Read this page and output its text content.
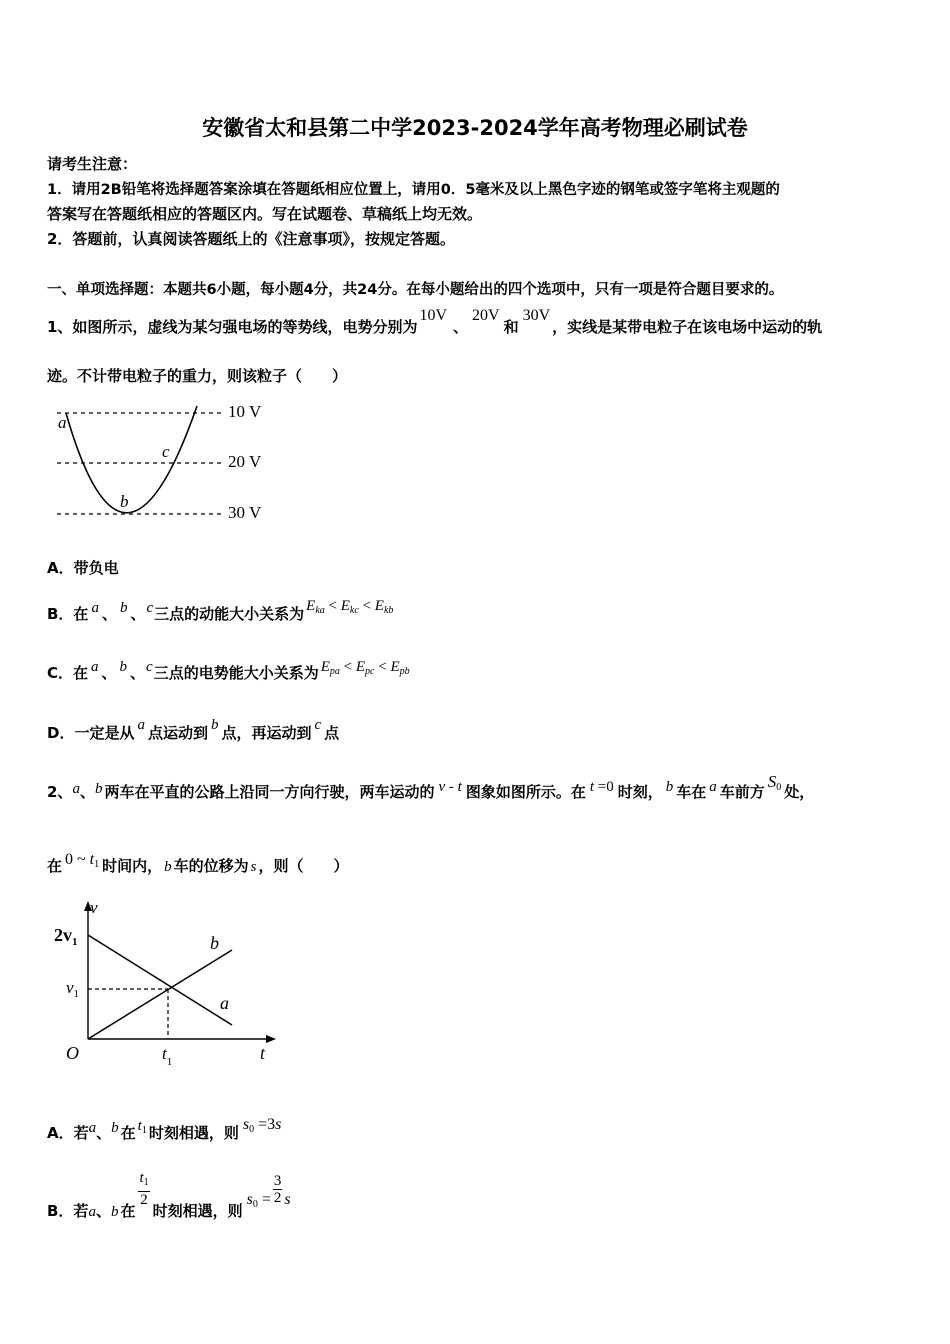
安徽省太和县第二中学2023-2024学年高考物理必刷试卷
请考生注意：
1．请用2B铅笔将选择题答案涂填在答题纸相应位置上，请用0．5毫米及以上黑色字迹的钢笔或签字笔将主观题的
答案写在答题纸相应的答题区内。写在试题卷、草稿纸上均无效。
2．答题前，认真阅读答题纸上的《注意事项》，按规定答题。
一、单项选择题：本题共6小题，每小题4分，共24分。在每小题给出的四个选项中，只有一项是符合题目要求的。
1、如图所示，虚线为某匀强电场的等势线，电势分别为10V、20V和30V，实线是某带电粒子在该电场中运动的轨
迹。不计带电粒子的重力，则该粒子（　　）
10 V
20 V
30 V
a
c
b
A．带负电
B．在 a 、 b 、c三点的动能大小关系为 $E_{ka} < E_{kc} < E_{kb}$
C．在 a 、 b 、c三点的电势能大小关系为 $E_{pa} < E_{pc} < E_{pb}$
D．一定是从 a 点运动到 b 点，再运动到 c 点
2、a、b 两车在平直的公路上沿同一方向行驶，两车运动的 v - t 图象如图所示。在 t =0 时刻， b 车在 a 车前方$S_0$ 处，
在 0 ~ $t_1$ 时间内， b 车的位移为 s ，则（　　）
v
$2v_1$
$v_1$
$t_1$
O	t
b
a
A．若a、b 在 $t_1$ 时刻相遇，则 $s_0 =3s$
B．若a、b 在
$\frac{t_1}{2}$
时刻相遇，则$s_0 = \frac{3}{2}$ s
